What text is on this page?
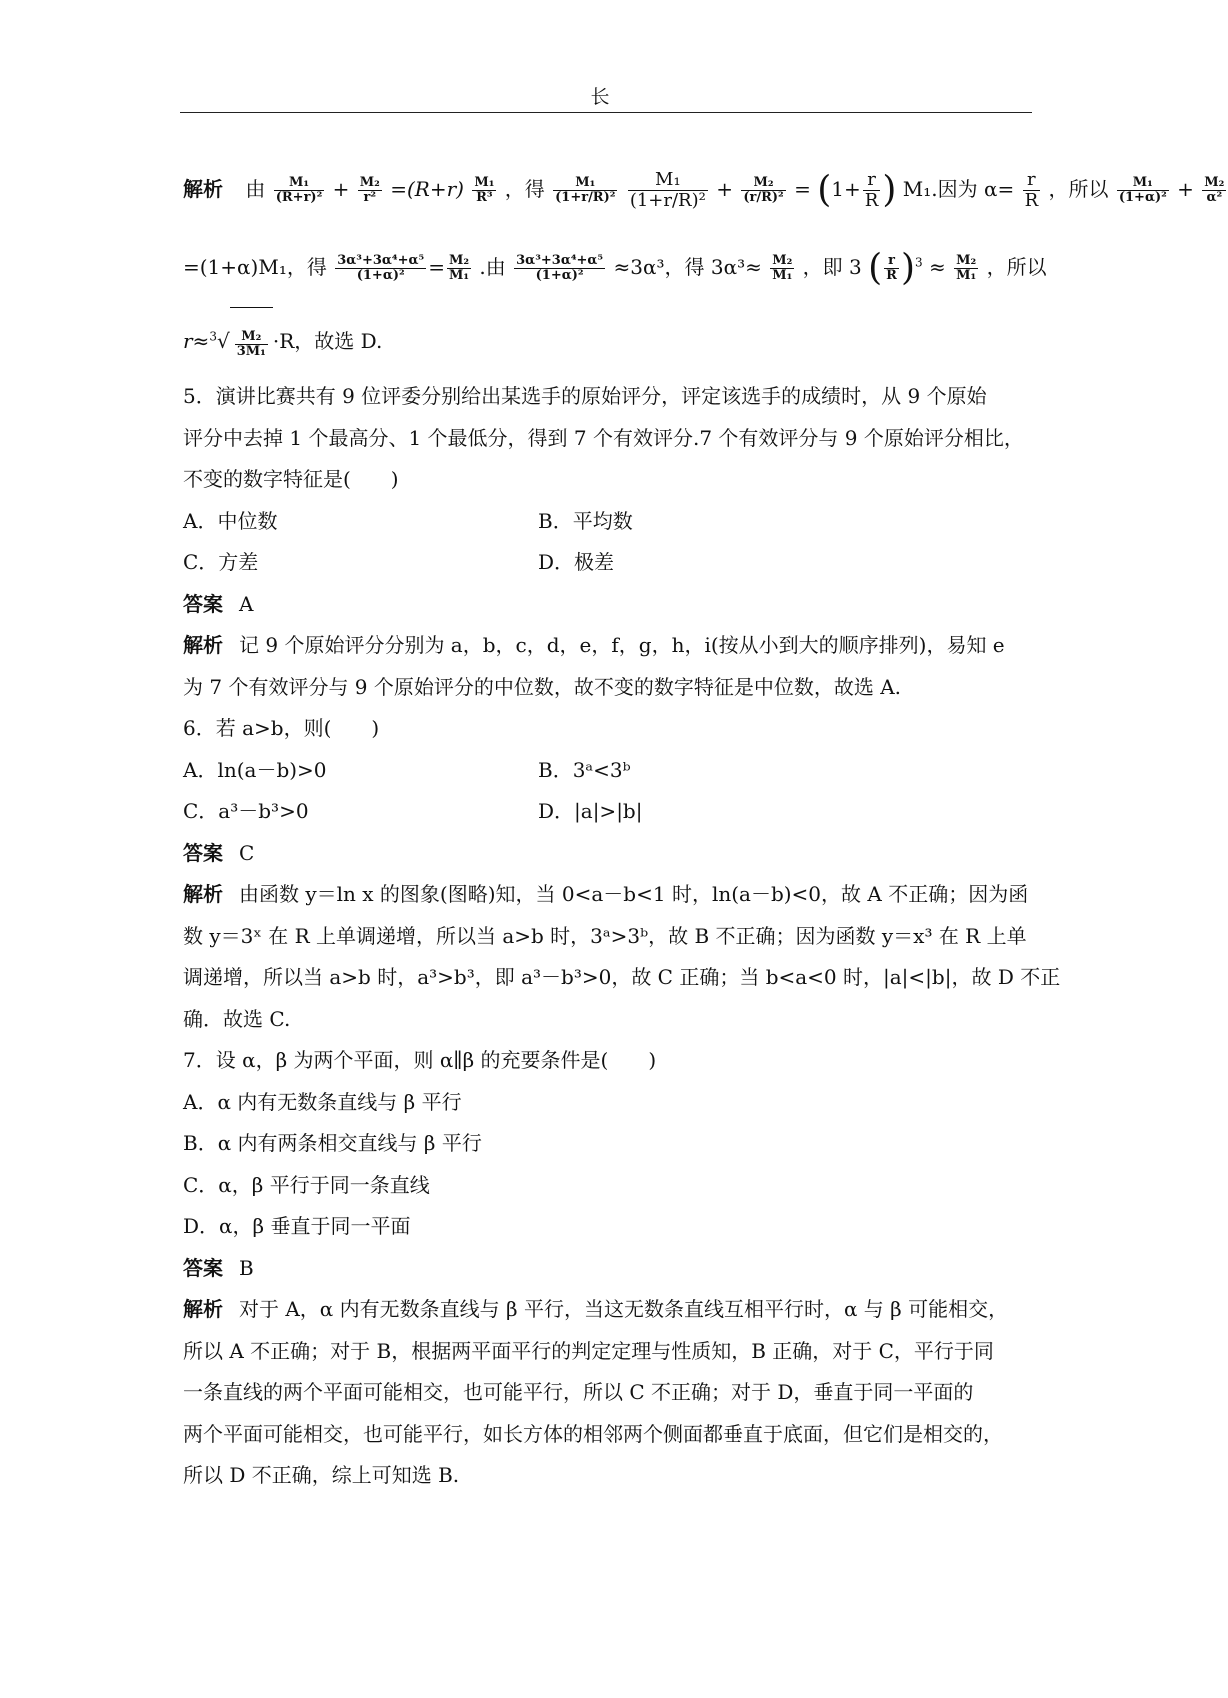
长
解析 由 $\frac{\text{M₁}}{\text{(R+r)²}} + \frac{\text{M₂}}{\text{r²}} =(R+r) \frac{\text{M₁}}{\text{R³}}$ ，得 $\frac{\text{M₁}}{\text{(1+r/R)²}}$
$\frac{\text{M₁}}{\text{(1+r/R)²}} + \frac{\text{M₂}}{\text{(r/R)²}} = (1+ \frac{r}{R}$ ) M₁.因为 $\alpha= \frac{r}{R}$ ，所以 $\frac{\text{M₁}}{\text{(1+α)²}} + \frac{\text{M₂}}{\text{α²}}$
=(1+α)M₁，得 $\frac{\text{3α³+3α⁴+α⁵}}{\text{(1+α)²}} = \frac{\text{M₂}}{\text{M₁}}$ .由 $\frac{\text{3α³+3α⁴+α⁵}}{\text{(1+α)²}} \approx 3\alpha^3$，得 $3\alpha^3\approx \frac{\text{M₂}}{\text{M₁}}$ ，即 3 ( $\frac{r}{R} )^3 \approx \frac{\text{M₂}}{\text{M₁}}$ ，所以
$r\approx^3√ \frac{\text{M₂}}{\text{3M₁}} \cdot R$，故选 D.
5．演讲比赛共有 9 位评委分别给出某选手的原始评分，评定该选手的成绩时，从 9 个原始
评分中去掉 1 个最高分、1 个最低分，得到 7 个有效评分.7 个有效评分与 9 个原始评分相比，
不变的数字特征是(　　)
A．中位数	B．平均数
C．方差	D．极差
答案 A
解析 记 9 个原始评分分别为 a，b，c，d，e，f，g，h，i(按从小到大的顺序排列)，易知 e
为 7 个有效评分与 9 个原始评分的中位数，故不变的数字特征是中位数，故选 A.
6．若 a>b，则(　　)
A．ln(a－b)>0	B．3ᵃ<3ᵇ
C．a³－b³>0	D．|a|>|b|
答案 C
解析 由函数 y＝ln x 的图象(图略)知，当 0<a－b<1 时，ln(a－b)<0，故 A 不正确；因为函
数 y＝3ˣ 在 R 上单调递增，所以当 a>b 时，3ᵃ>3ᵇ，故 B 不正确；因为函数 y＝x³ 在 R 上单
调递增，所以当 a>b 时，a³>b³，即 a³－b³>0，故 C 正确；当 b<a<0 时，|a|<|b|，故 D 不正
确．故选 C.
7．设 α，β 为两个平面，则 α∥β 的充要条件是(　　)
A．α 内有无数条直线与 β 平行
B．α 内有两条相交直线与 β 平行
C．α，β 平行于同一条直线
D．α，β 垂直于同一平面
答案 B
解析 对于 A，α 内有无数条直线与 β 平行，当这无数条直线互相平行时，α 与 β 可能相交，
所以 A 不正确；对于 B，根据两平面平行的判定定理与性质知，B 正确，对于 C，平行于同
一条直线的两个平面可能相交，也可能平行，所以 C 不正确；对于 D，垂直于同一平面的
两个平面可能相交，也可能平行，如长方体的相邻两个侧面都垂直于底面，但它们是相交的，
所以 D 不正确，综上可知选 B.
